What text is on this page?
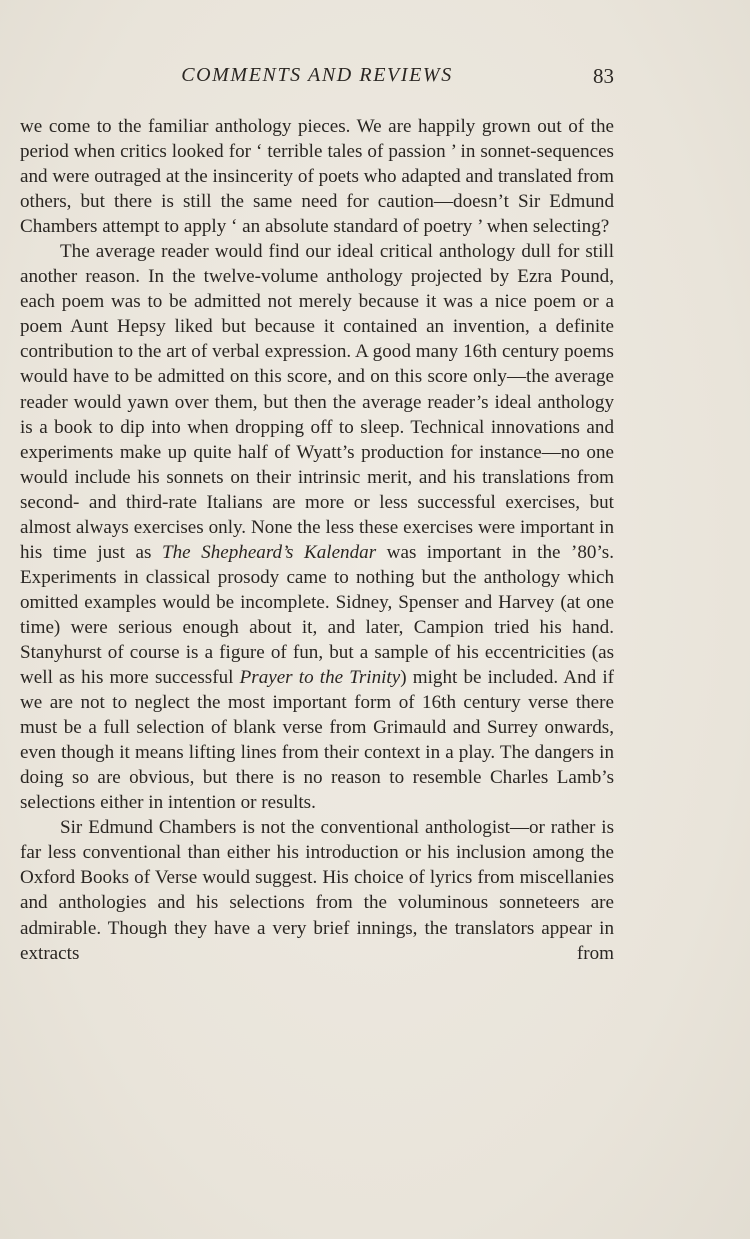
COMMENTS AND REVIEWS	83

we come to the familiar anthology pieces. We are happily grown out of the period when critics looked for ‘ terrible tales of passion ’ in sonnet-sequences and were outraged at the insincerity of poets who adapted and translated from others, but there is still the same need for caution—doesn’t Sir Edmund Chambers attempt to apply ‘ an absolute standard of poetry ’ when selecting?

The average reader would find our ideal critical anthology dull for still another reason. In the twelve-volume anthology projected by Ezra Pound, each poem was to be admitted not merely because it was a nice poem or a poem Aunt Hepsy liked but because it contained an invention, a definite contribution to the art of verbal expression. A good many 16th century poems would have to be admitted on this score, and on this score only—the average reader would yawn over them, but then the average reader’s ideal anthology is a book to dip into when dropping off to sleep. Technical innovations and experiments make up quite half of Wyatt’s production for instance—no one would include his sonnets on their intrinsic merit, and his translations from second- and third-rate Italians are more or less successful exercises, but almost always exercises only. None the less these exercises were important in his time just as The Shepheard’s Kalendar was important in the ’80’s. Experiments in classical prosody came to nothing but the anthology which omitted examples would be incomplete. Sidney, Spenser and Harvey (at one time) were serious enough about it, and later, Campion tried his hand. Stanyhurst of course is a figure of fun, but a sample of his eccentricities (as well as his more successful Prayer to the Trinity) might be included. And if we are not to neglect the most important form of 16th century verse there must be a full selection of blank verse from Grimauld and Surrey onwards, even though it means lifting lines from their context in a play. The dangers in doing so are obvious, but there is no reason to resemble Charles Lamb’s selections either in intention or results.

Sir Edmund Chambers is not the conventional anthologist—or rather is far less conventional than either his introduction or his inclusion among the Oxford Books of Verse would suggest. His choice of lyrics from miscellanies and anthologies and his selections from the voluminous sonneteers are admirable. Though they have a very brief innings, the translators appear in extracts from
